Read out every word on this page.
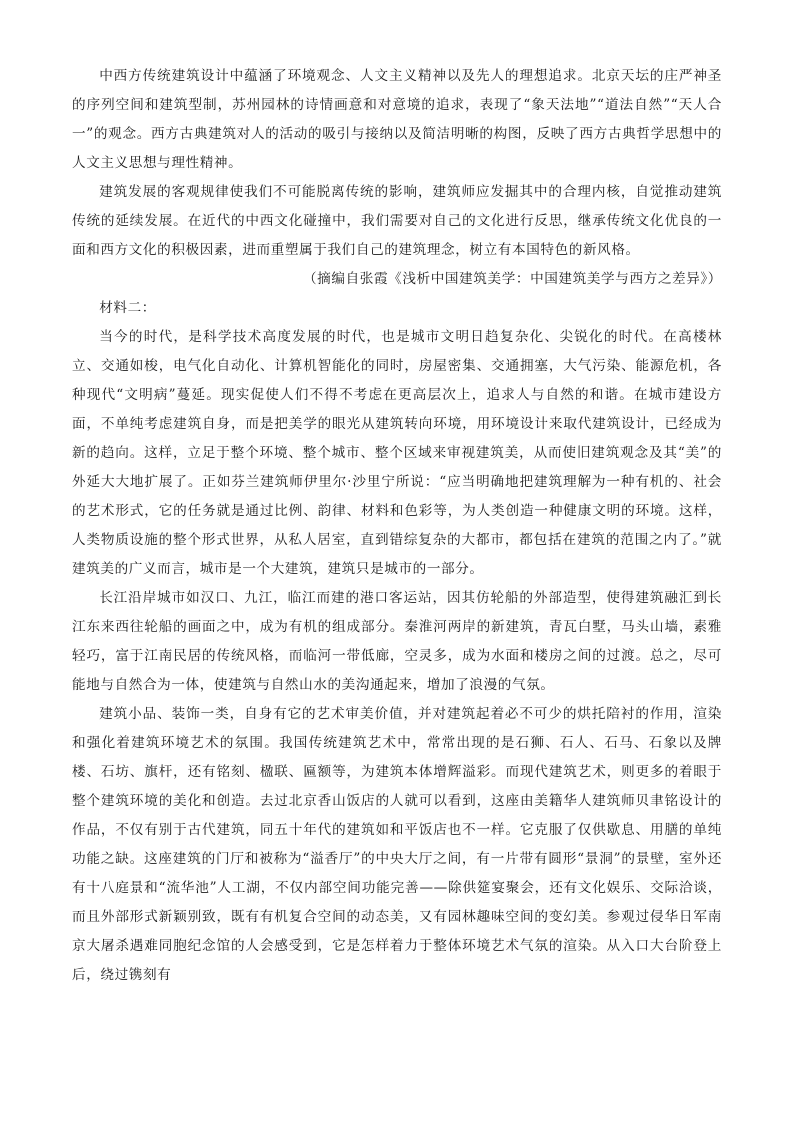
中西方传统建筑设计中蕴涵了环境观念、人文主义精神以及先人的理想追求。北京天坛的庄严神圣的序列空间和建筑型制，苏州园林的诗情画意和对意境的追求，表现了“象天法地”“道法自然”“天人合一”的观念。西方古典建筑对人的活动的吸引与接纳以及简洁明晰的构图，反映了西方古典哲学思想中的人文主义思想与理性精神。

建筑发展的客观规律使我们不可能脱离传统的影响，建筑师应发掘其中的合理内核，自觉推动建筑传统的延续发展。在近代的中西文化碰撞中，我们需要对自己的文化进行反思，继承传统文化优良的一面和西方文化的积极因素，进而重塑属于我们自己的建筑理念，树立有本国特色的新风格。

（摘编自张霞《浅析中国建筑美学：中国建筑美学与西方之差异》）

材料二：

当今的时代，是科学技术高度发展的时代，也是城市文明日趋复杂化、尖锐化的时代。在高楼林立、交通如梭，电气化自动化、计算机智能化的同时，房屋密集、交通拥塞，大气污染、能源危机，各种现代“文明病”蔓延。现实促使人们不得不考虑在更高层次上，追求人与自然的和谐。在城市建设方面，不单纯考虑建筑自身，而是把美学的眼光从建筑转向环境，用环境设计来取代建筑设计，已经成为新的趋向。这样，立足于整个环境、整个城市、整个区域来审视建筑美，从而使旧建筑观念及其“美”的外延大大地扩展了。正如芬兰建筑师伊里尔·沙里宁所说：“应当明确地把建筑理解为一种有机的、社会的艺术形式，它的任务就是通过比例、韵律、材料和色彩等，为人类创造一种健康文明的环境。这样，人类物质设施的整个形式世界，从私人居室，直到错综复杂的大都市，都包括在建筑的范围之内了。”就建筑美的广义而言，城市是一个大建筑，建筑只是城市的一部分。

长江沿岸城市如汉口、九江，临江而建的港口客运站，因其仿轮船的外部造型，使得建筑融汇到长江东来西往轮船的画面之中，成为有机的组成部分。秦淮河两岸的新建筑，青瓦白墅，马头山墙，素雅轻巧，富于江南民居的传统风格，而临河一带低廊，空灵多，成为水面和楼房之间的过渡。总之，尽可能地与自然合为一体，使建筑与自然山水的美沟通起来，增加了浪漫的气氛。

建筑小品、装饰一类，自身有它的艺术审美价值，并对建筑起着必不可少的烘托陪衬的作用，渲染和强化着建筑环境艺术的氛围。我国传统建筑艺术中，常常出现的是石狮、石人、石马、石象以及牌楼、石坊、旗杆，还有铭刻、楹联、匾额等，为建筑本体增辉溢彩。而现代建筑艺术，则更多的着眼于整个建筑环境的美化和创造。去过北京香山饭店的人就可以看到，这座由美籍华人建筑师贝聿铭设计的作品，不仅有别于古代建筑，同五十年代的建筑如和平饭店也不一样。它克服了仅供歇息、用膳的单纯功能之缺。这座建筑的门厅和被称为“溢香厅”的中央大厅之间，有一片带有圆形“景洞”的景壁，室外还有十八庭景和“流华池”人工湖，不仅内部空间功能完善——除供筵宴聚会，还有文化娱乐、交际洽谈，而且外部形式新颖别致，既有有机复合空间的动态美，又有园林趣味空间的变幻美。参观过侵华日军南京大屠杀遇难同胞纪念馆的人会感受到，它是怎样着力于整体环境艺术气氛的渲染。从入口大台阶登上后，绕过镌刻有
